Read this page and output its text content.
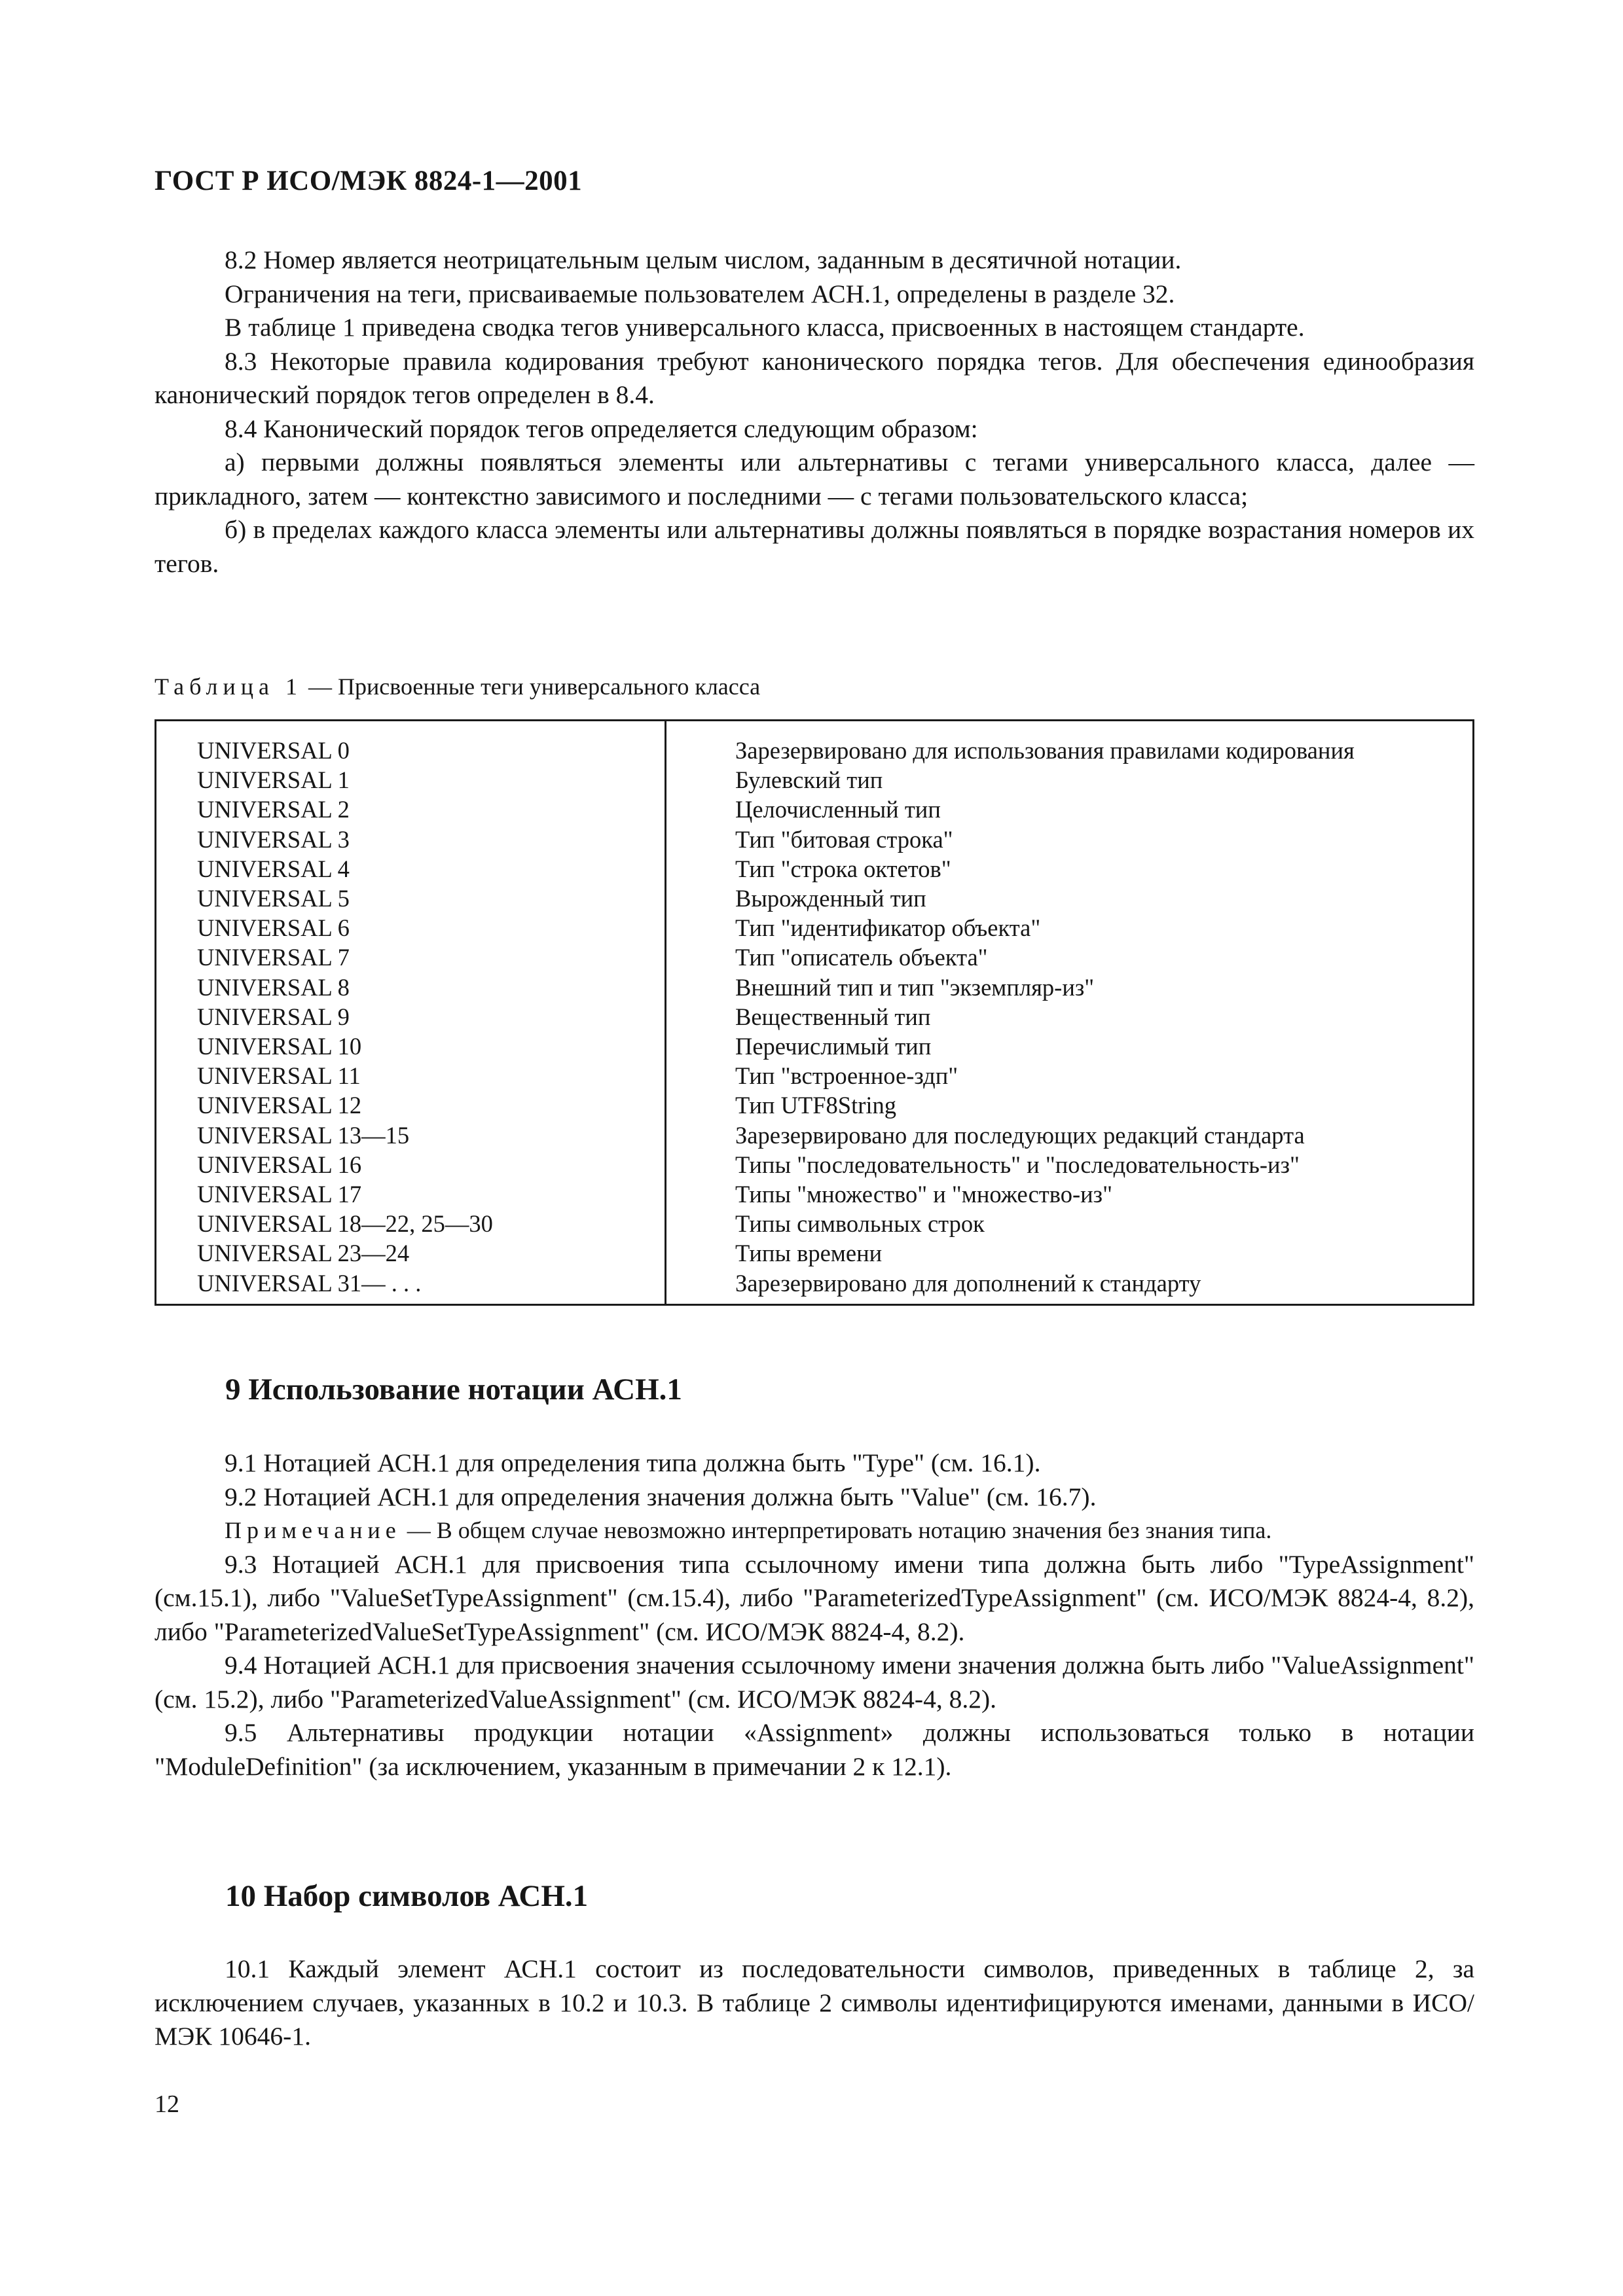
ГОСТ Р ИСО/МЭК 8824-1—2001

8.2 Номер является неотрицательным целым числом, заданным в десятичной нотации.

Ограничения на теги, присваиваемые пользователем АСН.1, определены в разделе 32.

В таблице 1 приведена сводка тегов универсального класса, присвоенных в настоящем стандарте.

8.3 Некоторые правила кодирования требуют канонического порядка тегов. Для обеспечения единообразия канонический порядок тегов определен в 8.4.

8.4 Канонический порядок тегов определяется следующим образом:

а) первыми должны появляться элементы или альтернативы с тегами универсального класса, далее — прикладного, затем — контекстно зависимого и последними — с тегами пользовательского класса;

б) в пределах каждого класса элементы или альтернативы должны появляться в порядке возрастания номеров их тегов.

Таблица 1 — Присвоенные теги универсального класса

UNIVERSAL 0
UNIVERSAL 1
UNIVERSAL 2
UNIVERSAL 3
UNIVERSAL 4
UNIVERSAL 5
UNIVERSAL 6
UNIVERSAL 7
UNIVERSAL 8
UNIVERSAL 9
UNIVERSAL 10
UNIVERSAL 11
UNIVERSAL 12
UNIVERSAL 13—15
UNIVERSAL 16
UNIVERSAL 17
UNIVERSAL 18—22, 25—30
UNIVERSAL 23—24
UNIVERSAL 31— . . .
Зарезервировано для использования правилами кодирования
Булевский тип
Целочисленный тип
Тип "битовая строка"
Тип "строка октетов"
Вырожденный тип
Тип "идентификатор объекта"
Тип "описатель объекта"
Внешний тип и тип "экземпляр-из"
Вещественный тип
Перечислимый тип
Тип "встроенное-здп"
Тип UTF8String
Зарезервировано для последующих редакций стандарта
Типы "последовательность" и "последовательность-из"
Типы "множество" и "множество-из"
Типы символьных строк
Типы времени
Зарезервировано для дополнений к стандарту
9 Использование нотации АСН.1

9.1 Нотацией АСН.1 для определения типа должна быть "Type" (см. 16.1).

9.2 Нотацией АСН.1 для определения значения должна быть "Value" (см. 16.7).

Примечание — В общем случае невозможно интерпретировать нотацию значения без знания типа.

9.3 Нотацией АСН.1 для присвоения типа ссылочному имени типа должна быть либо "TypeAssignment" (см.15.1), либо "ValueSetTypeAssignment" (см.15.4), либо "ParameterizedTypeAssignment" (см. ИСО/МЭК 8824-4, 8.2), либо "ParameterizedValueSetTypeAssignment" (см. ИСО/МЭК 8824-4, 8.2).

9.4 Нотацией АСН.1 для присвоения значения ссылочному имени значения должна быть либо "ValueAssignment" (см. 15.2), либо "ParameterizedValueAssignment" (см. ИСО/МЭК 8824-4, 8.2).

9.5 Альтернативы продукции нотации «Assignment» должны использоваться только в нотации "ModuleDefinition" (за исключением, указанным в примечании 2 к 12.1).

10 Набор символов АСН.1

10.1 Каждый элемент АСН.1 состоит из последовательности символов, приведенных в таблице 2, за исключением случаев, указанных в 10.2 и 10.3. В таблице 2 символы идентифицируются именами, данными в ИСО/МЭК 10646-1.

12
